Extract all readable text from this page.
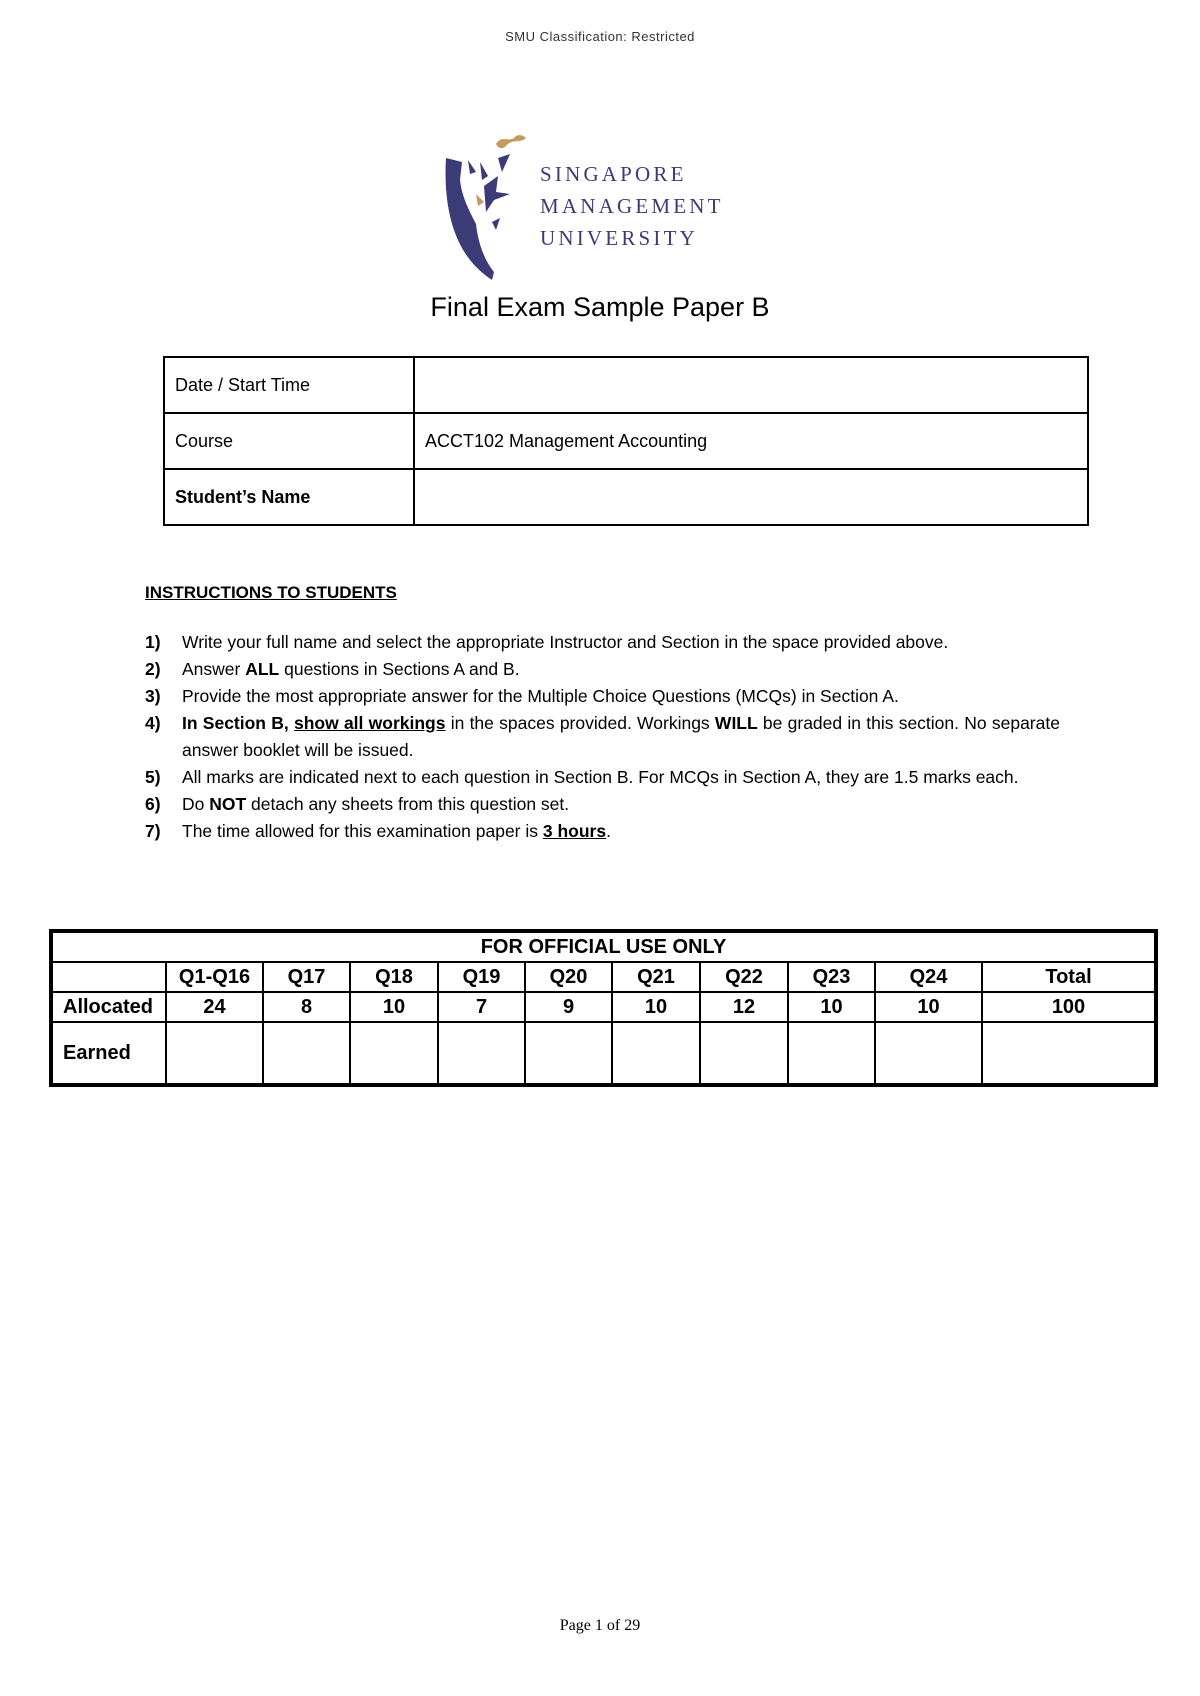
SMU Classification: Restricted
SINGAPORE
MANAGEMENT
UNIVERSITY
Final Exam Sample Paper B
Date / Start Time	
Course	ACCT102 Management Accounting
Student’s Name	
INSTRUCTIONS TO STUDENTS
1) Write your full name and select the appropriate Instructor and Section in the space provided above.
2) Answer ALL questions in Sections A and B.
3) Provide the most appropriate answer for the Multiple Choice Questions (MCQs) in Section A.
4) In Section B, show all workings in the spaces provided. Workings WILL be graded in this section. No separate answer booklet will be issued.
5) All marks are indicated next to each question in Section B. For MCQs in Section A, they are 1.5 marks each.
6) Do NOT detach any sheets from this question set.
7) The time allowed for this examination paper is 3 hours.
FOR OFFICIAL USE ONLY										
	Q1-Q16	Q17	Q18	Q19	Q20	Q21	Q22	Q23	Q24	Total
Allocated	24	8	10	7	9	10	12	10	10	100
Earned										
Page 1 of 29
